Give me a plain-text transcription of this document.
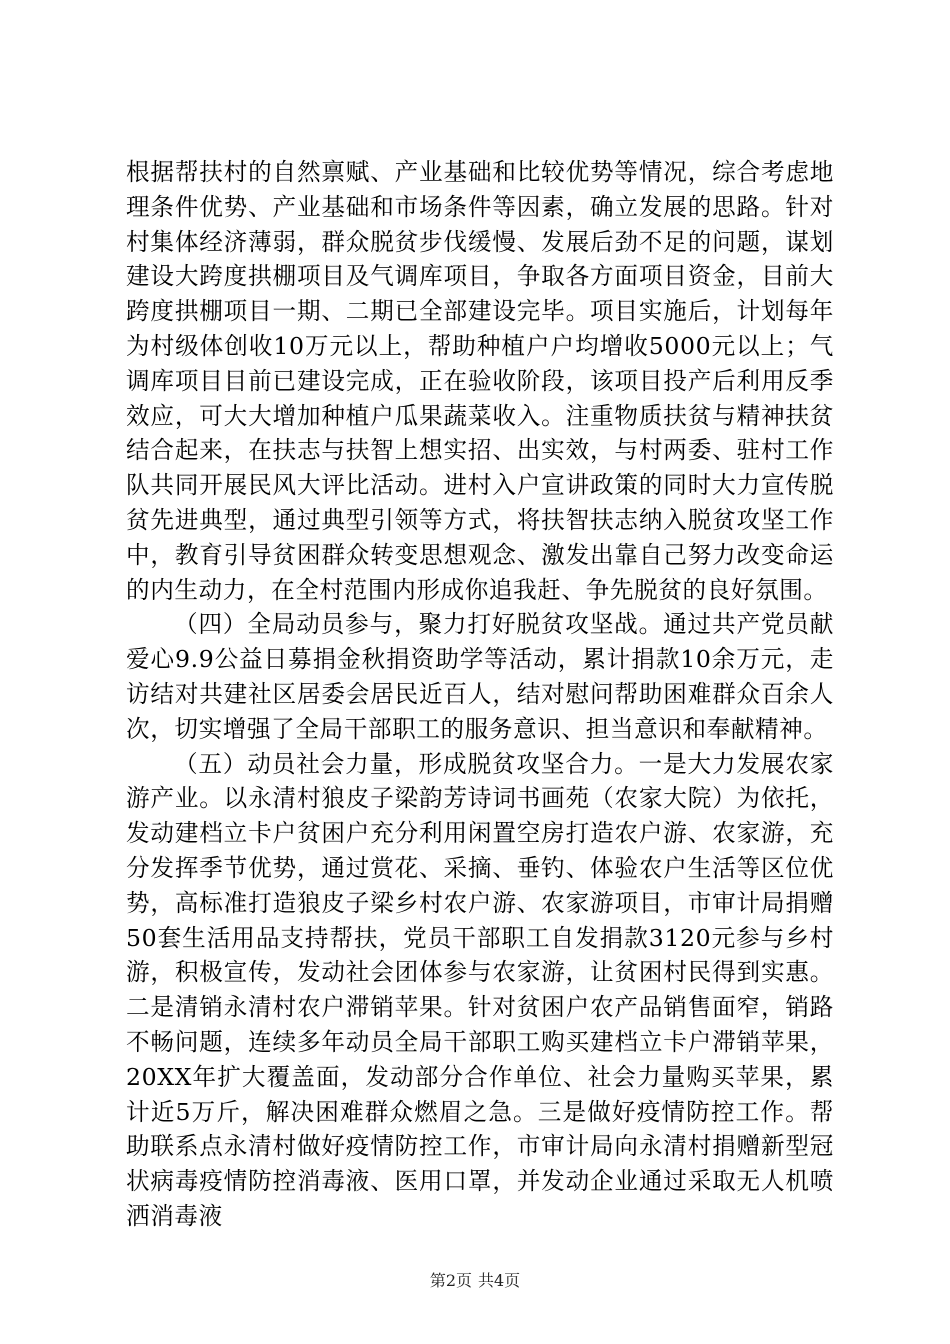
根据帮扶村的自然禀赋、产业基础和比较优势等情况，综合考虑地理条件优势、产业基础和市场条件等因素，确立发展的思路。针对村集体经济薄弱，群众脱贫步伐缓慢、发展后劲不足的问题，谋划建设大跨度拱棚项目及气调库项目，争取各方面项目资金，目前大跨度拱棚项目一期、二期已全部建设完毕。项目实施后，计划每年为村级体创收10万元以上，帮助种植户户均增收5000元以上；气调库项目目前已建设完成，正在验收阶段，该项目投产后利用反季效应，可大大增加种植户瓜果蔬菜收入。注重物质扶贫与精神扶贫结合起来，在扶志与扶智上想实招、出实效，与村两委、驻村工作队共同开展民风大评比活动。进村入户宣讲政策的同时大力宣传脱贫先进典型，通过典型引领等方式，将扶智扶志纳入脱贫攻坚工作中，教育引导贫困群众转变思想观念、激发出靠自己努力改变命运的内生动力，在全村范围内形成你追我赶、争先脱贫的良好氛围。

（四）全局动员参与，聚力打好脱贫攻坚战。通过共产党员献爱心9.9公益日募捐金秋捐资助学等活动，累计捐款10余万元，走访结对共建社区居委会居民近百人，结对慰问帮助困难群众百余人次，切实增强了全局干部职工的服务意识、担当意识和奉献精神。

（五）动员社会力量，形成脱贫攻坚合力。一是大力发展农家游产业。以永清村狼皮子梁韵芳诗词书画苑（农家大院）为依托，发动建档立卡户贫困户充分利用闲置空房打造农户游、农家游，充分发挥季节优势，通过赏花、采摘、垂钓、体验农户生活等区位优势，高标准打造狼皮子梁乡村农户游、农家游项目，市审计局捐赠50套生活用品支持帮扶，党员干部职工自发捐款3120元参与乡村游，积极宣传，发动社会团体参与农家游，让贫困村民得到实惠。二是清销永清村农户滞销苹果。针对贫困户农产品销售面窄，销路不畅问题，连续多年动员全局干部职工购买建档立卡户滞销苹果，20XX年扩大覆盖面，发动部分合作单位、社会力量购买苹果，累计近5万斤，解决困难群众燃眉之急。三是做好疫情防控工作。帮助联系点永清村做好疫情防控工作，市审计局向永清村捐赠新型冠状病毒疫情防控消毒液、医用口罩，并发动企业通过采取无人机喷洒消毒液

第2页 共4页
